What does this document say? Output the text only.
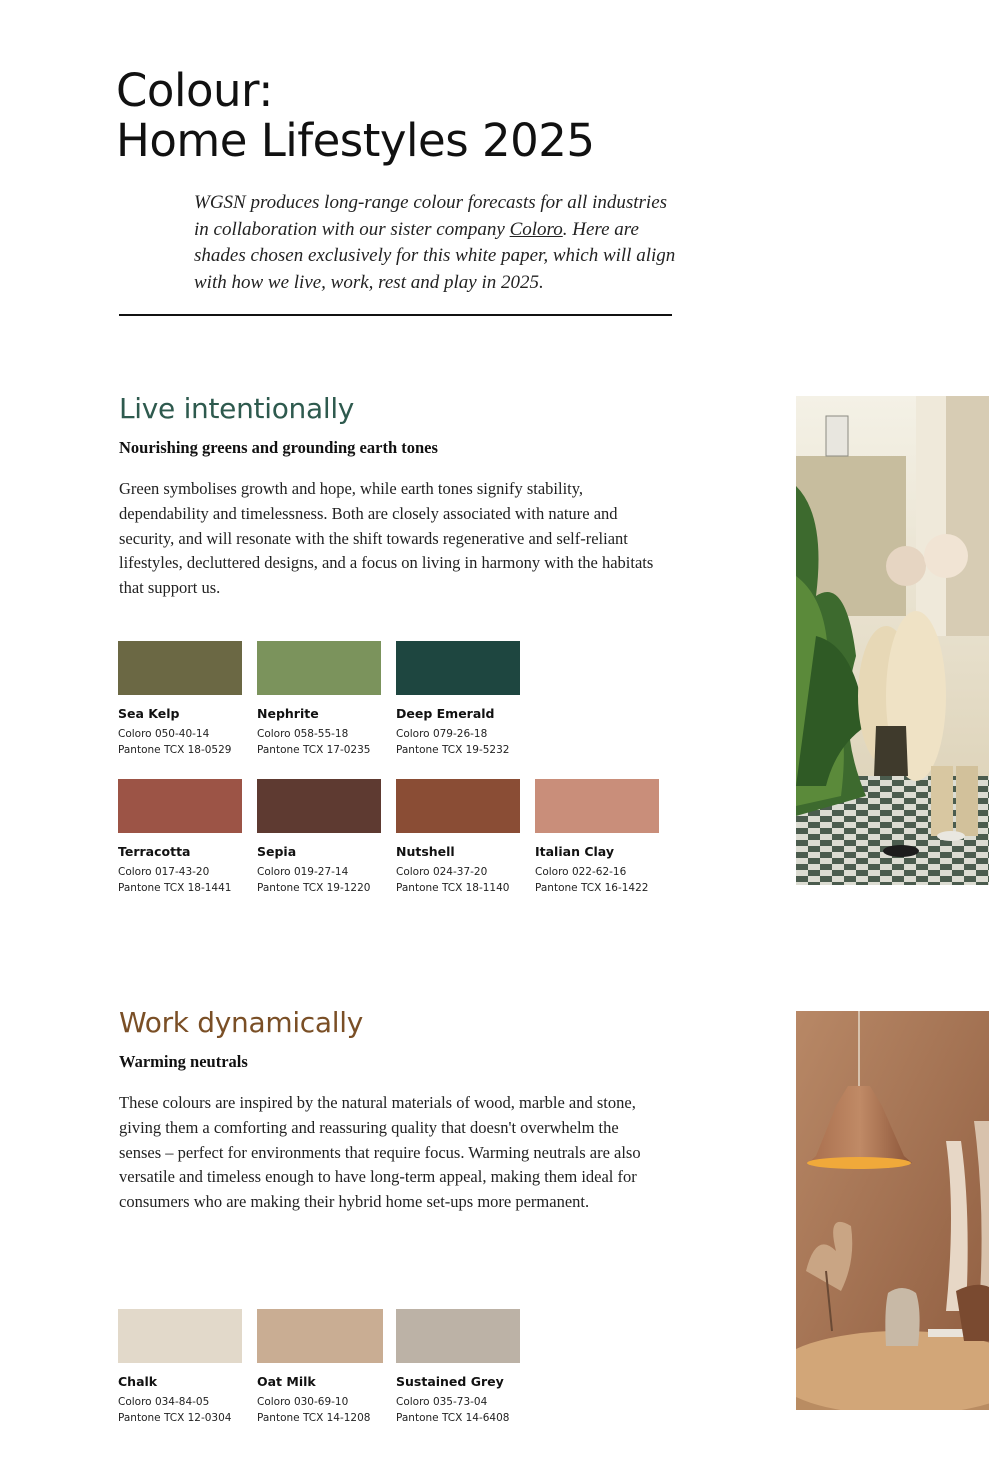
Colour:
Home Lifestyles 2025

WGSN produces long-range colour forecasts for all industries in collaboration with our sister company Coloro. Here are shades chosen exclusively for this white paper, which will align with how we live, work, rest and play in 2025.

Live intentionally

Nourishing greens and grounding earth tones

Green symbolises growth and hope, while earth tones signify stability, dependability and timelessness. Both are closely associated with nature and security, and will resonate with the shift towards regenerative and self-reliant lifestyles, decluttered designs, and a focus on living in harmony with the habitats that support us.

Sea Kelp
Coloro 050-40-14
Pantone TCX 18-0529
Nephrite
Coloro 058-55-18
Pantone TCX 17-0235
Deep Emerald
Coloro 079-26-18
Pantone TCX 19-5232
Terracotta
Coloro 017-43-20
Pantone TCX 18-1441
Sepia
Coloro 019-27-14
Pantone TCX 19-1220
Nutshell
Coloro 024-37-20
Pantone TCX 18-1140
Italian Clay
Coloro 022-62-16
Pantone TCX 16-1422
Work dynamically

Warming neutrals

These colours are inspired by the natural materials of wood, marble and stone, giving them a comforting and reassuring quality that doesn't overwhelm the senses – perfect for environments that require focus. Warming neutrals are also versatile and timeless enough to have long-term appeal, making them ideal for consumers who are making their hybrid home set-ups more permanent.

Chalk
Coloro 034-84-05
Pantone TCX 12-0304
Oat Milk
Coloro 030-69-10
Pantone TCX 14-1208
Sustained Grey
Coloro 035-73-04
Pantone TCX 14-6408
